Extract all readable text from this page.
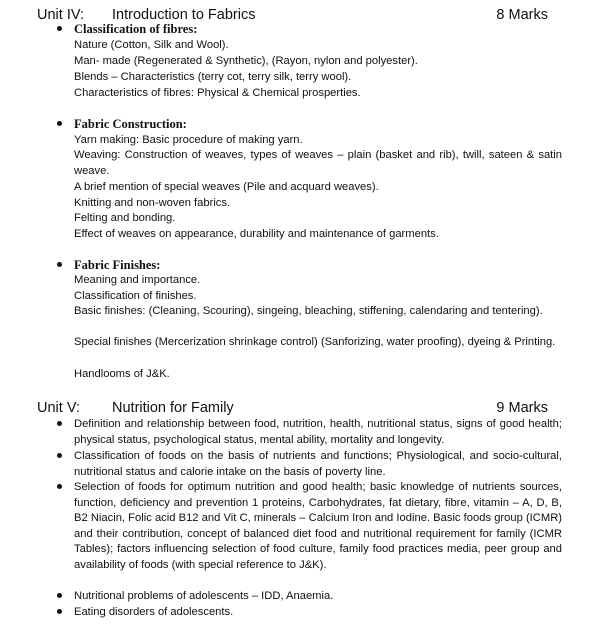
Unit IV: Introduction to Fabrics	8 Marks
Classification of fibres:
Nature (Cotton, Silk and Wool).
Man- made (Regenerated & Synthetic), (Rayon, nylon and polyester).
Blends – Characteristics (terry cot, terry silk, terry wool).
Characteristics of fibres: Physical & Chemical prosperties.
Fabric Construction:
Yarn making: Basic procedure of making yarn.
Weaving: Construction of weaves, types of weaves – plain (basket and rib), twill, sateen & satin weave.
A brief mention of special weaves (Pile and acquard weaves).
Knitting and non-woven fabrics.
Felting and bonding.
Effect of weaves on appearance, durability and maintenance of garments.
Fabric Finishes:
Meaning and importance.
Classification of finishes.
Basic finishes: (Cleaning, Scouring), singeing, bleaching, stiffening, calendaring and tentering).
Special finishes (Mercerization shrinkage control) (Sanforizing, water proofing), dyeing & Printing.
Handlooms of J&K.
Unit V: Nutrition for Family	9 Marks
Definition and relationship between food, nutrition, health, nutritional status, signs of good health; physical status, psychological status, mental ability, mortality and longevity.
Classification of foods on the basis of nutrients and functions; Physiological, and socio-cultural, nutritional status and calorie intake on the basis of poverty line.
Selection of foods for optimum nutrition and good health; basic knowledge of nutrients sources, function, deficiency and prevention 1 proteins, Carbohydrates, fat dietary, fibre, vitamin – A, D, B, B2 Niacin, Folic acid B12 and Vit C, minerals – Calcium Iron and Iodine. Basic foods group (ICMR) and their contribution, concept of balanced diet food and nutritional requirement for family (ICMR Tables); factors influencing selection of food culture, family food practices media, peer group and availability of foods (with special reference to J&K).
Nutritional problems of adolescents – IDD, Anaemia.
Eating disorders of adolescents.
